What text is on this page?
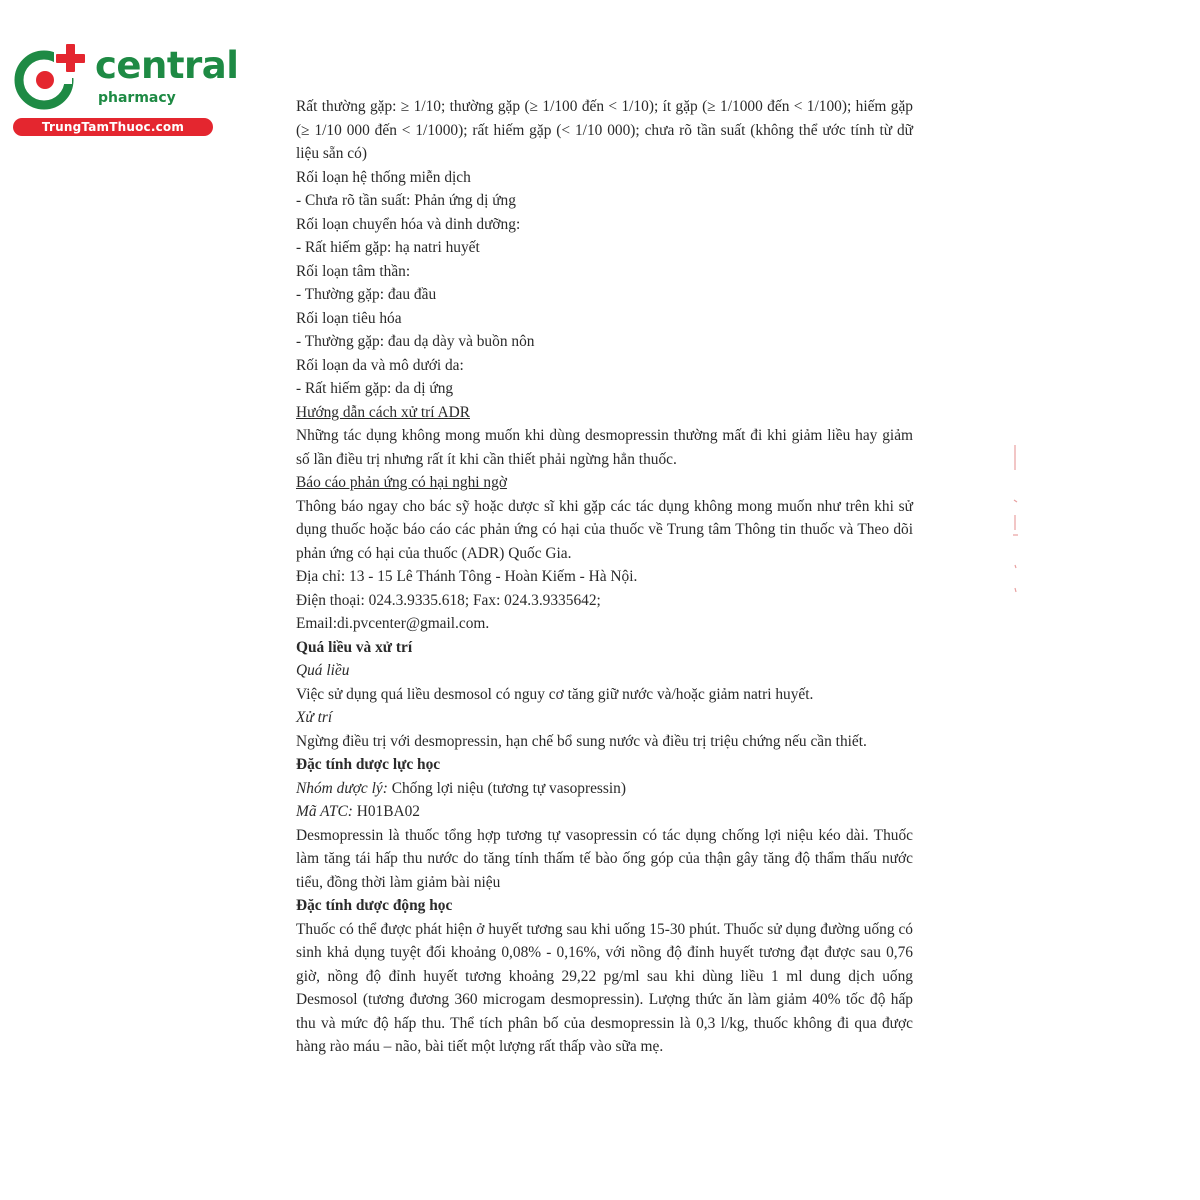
central
pharmacy
TrungTamThuoc.com

Rất thường gặp: ≥ 1/10; thường gặp (≥ 1/100 đến < 1/10); ít gặp (≥ 1/1000 đến < 1/100); hiếm gặp (≥ 1/10 000 đến < 1/1000); rất hiếm gặp (< 1/10 000); chưa rõ tần suất (không thể ước tính từ dữ liệu sẵn có)

Rối loạn hệ thống miễn dịch

- Chưa rõ tần suất: Phản ứng dị ứng

Rối loạn chuyển hóa và dinh dưỡng:

- Rất hiếm gặp: hạ natri huyết

Rối loạn tâm thần:

- Thường gặp: đau đầu

Rối loạn tiêu hóa

- Thường gặp: đau dạ dày và buồn nôn

Rối loạn da và mô dưới da:

- Rất hiếm gặp: da dị ứng

Hướng dẫn cách xử trí ADR

Những tác dụng không mong muốn khi dùng desmopressin thường mất đi khi giảm liều hay giảm số lần điều trị nhưng rất ít khi cần thiết phải ngừng hẳn thuốc.

Báo cáo phản ứng có hại nghi ngờ

Thông báo ngay cho bác sỹ hoặc dược sĩ khi gặp các tác dụng không mong muốn như trên khi sử dụng thuốc hoặc báo cáo các phản ứng có hại của thuốc về Trung tâm Thông tin thuốc và Theo dõi phản ứng có hại của thuốc (ADR) Quốc Gia.

Địa chỉ: 13 - 15 Lê Thánh Tông - Hoàn Kiếm - Hà Nội.

Điện thoại: 024.3.9335.618; Fax: 024.3.9335642;

Email:di.pvcenter@gmail.com.

Quá liều và xử trí

Quá liều

Việc sử dụng quá liều desmosol có nguy cơ tăng giữ nước và/hoặc giảm natri huyết.

Xử trí

Ngừng điều trị với desmopressin, hạn chế bổ sung nước và điều trị triệu chứng nếu cần thiết.

Đặc tính dược lực học

Nhóm dược lý: Chống lợi niệu (tương tự vasopressin)

Mã ATC: H01BA02

Desmopressin là thuốc tổng hợp tương tự vasopressin có tác dụng chống lợi niệu kéo dài. Thuốc làm tăng tái hấp thu nước do tăng tính thấm tế bào ống góp của thận gây tăng độ thẩm thấu nước tiểu, đồng thời làm giảm bài niệu

Đặc tính dược động học

Thuốc có thể được phát hiện ở huyết tương sau khi uống 15-30 phút. Thuốc sử dụng đường uống có sinh khả dụng tuyệt đối khoảng 0,08% - 0,16%, với nồng độ đỉnh huyết tương đạt được sau 0,76 giờ, nồng độ đỉnh huyết tương khoảng 29,22 pg/ml sau khi dùng liều 1 ml dung dịch uống Desmosol (tương đương 360 microgam desmopressin). Lượng thức ăn làm giảm 40% tốc độ hấp thu và mức độ hấp thu. Thể tích phân bố của desmopressin là 0,3 l/kg, thuốc không đi qua được hàng rào máu – não, bài tiết một lượng rất thấp vào sữa mẹ.
